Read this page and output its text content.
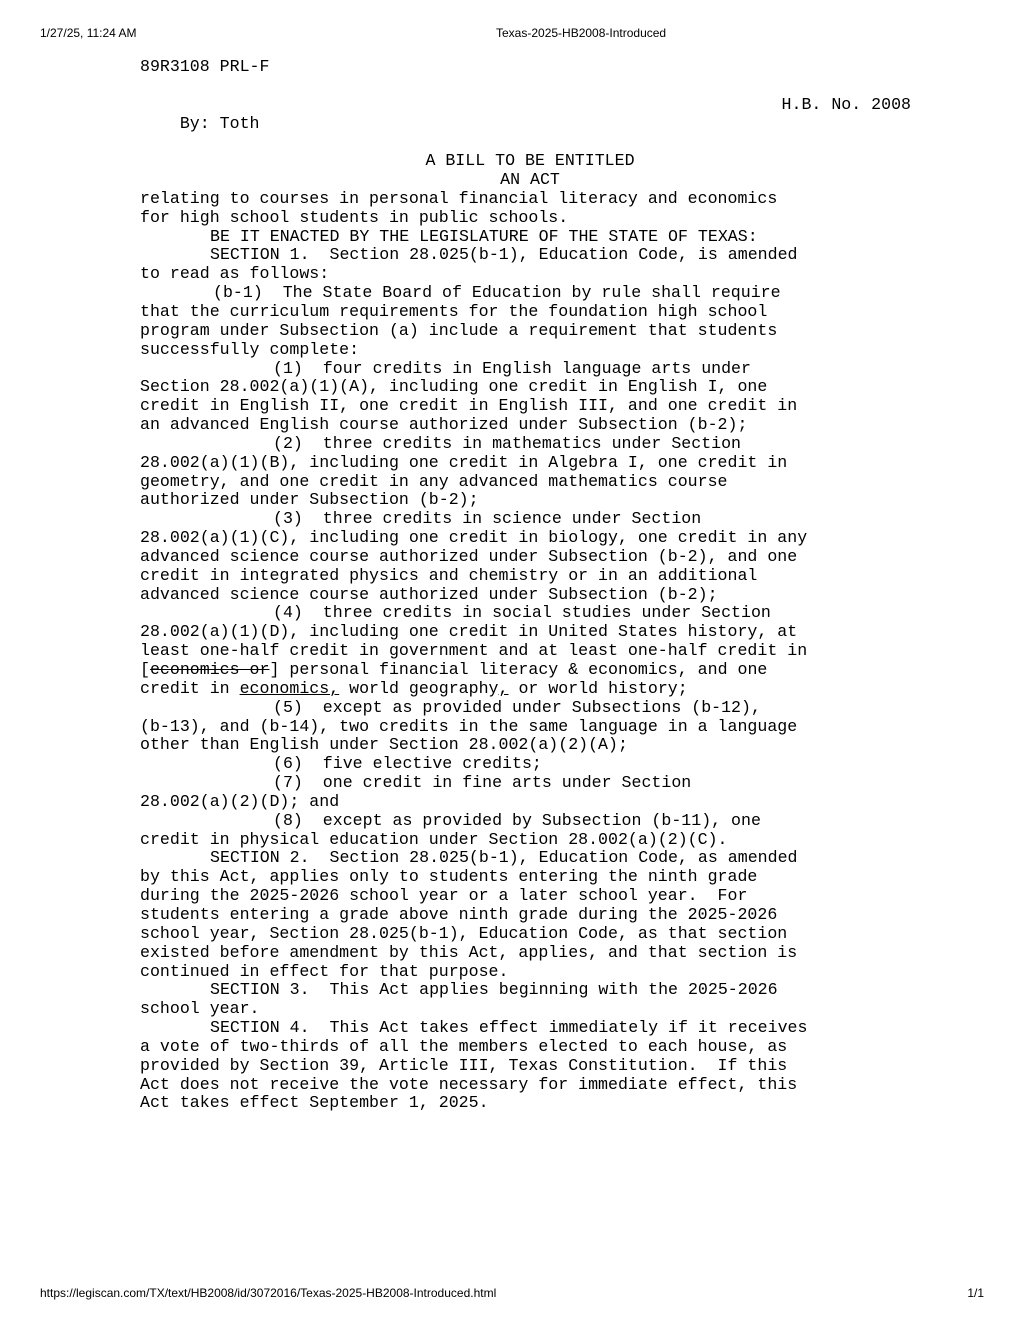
1/27/25, 11:24 AM	Texas-2025-HB2008-Introduced
89R3108 PRL-F

By: Toth

H.B. No. 2008

A BILL TO BE ENTITLED
AN ACT
relating to courses in personal financial literacy and economics
for high school students in public schools.
BE IT ENACTED BY THE LEGISLATURE OF THE STATE OF TEXAS:
SECTION 1.  Section 28.025(b-1), Education Code, is amended
to read as follows:
(b-1)  The State Board of Education by rule shall require
that the curriculum requirements for the foundation high school
program under Subsection (a) include a requirement that students
successfully complete:
(1)  four credits in English language arts under
Section 28.002(a)(1)(A), including one credit in English I, one
credit in English II, one credit in English III, and one credit in
an advanced English course authorized under Subsection (b-2);
(2)  three credits in mathematics under Section
28.002(a)(1)(B), including one credit in Algebra I, one credit in
geometry, and one credit in any advanced mathematics course
authorized under Subsection (b-2);
(3)  three credits in science under Section
28.002(a)(1)(C), including one credit in biology, one credit in any
advanced science course authorized under Subsection (b-2), and one
credit in integrated physics and chemistry or in an additional
advanced science course authorized under Subsection (b-2);
(4)  three credits in social studies under Section
28.002(a)(1)(D), including one credit in United States history, at
least one-half credit in government and at least one-half credit in
[economics or] personal financial literacy & economics, and one
credit in economics, world geography, or world history;
(5)  except as provided under Subsections (b-12),
(b-13), and (b-14), two credits in the same language in a language
other than English under Section 28.002(a)(2)(A);
(6)  five elective credits;
(7)  one credit in fine arts under Section
28.002(a)(2)(D); and
(8)  except as provided by Subsection (b-11), one
credit in physical education under Section 28.002(a)(2)(C).
SECTION 2.  Section 28.025(b-1), Education Code, as amended
by this Act, applies only to students entering the ninth grade
during the 2025-2026 school year or a later school year.  For
students entering a grade above ninth grade during the 2025-2026
school year, Section 28.025(b-1), Education Code, as that section
existed before amendment by this Act, applies, and that section is
continued in effect for that purpose.
SECTION 3.  This Act applies beginning with the 2025-2026
school year.
SECTION 4.  This Act takes effect immediately if it receives
a vote of two-thirds of all the members elected to each house, as
provided by Section 39, Article III, Texas Constitution.  If this
Act does not receive the vote necessary for immediate effect, this
Act takes effect September 1, 2025.
https://legiscan.com/TX/text/HB2008/id/3072016/Texas-2025-HB2008-Introduced.html	1/1
